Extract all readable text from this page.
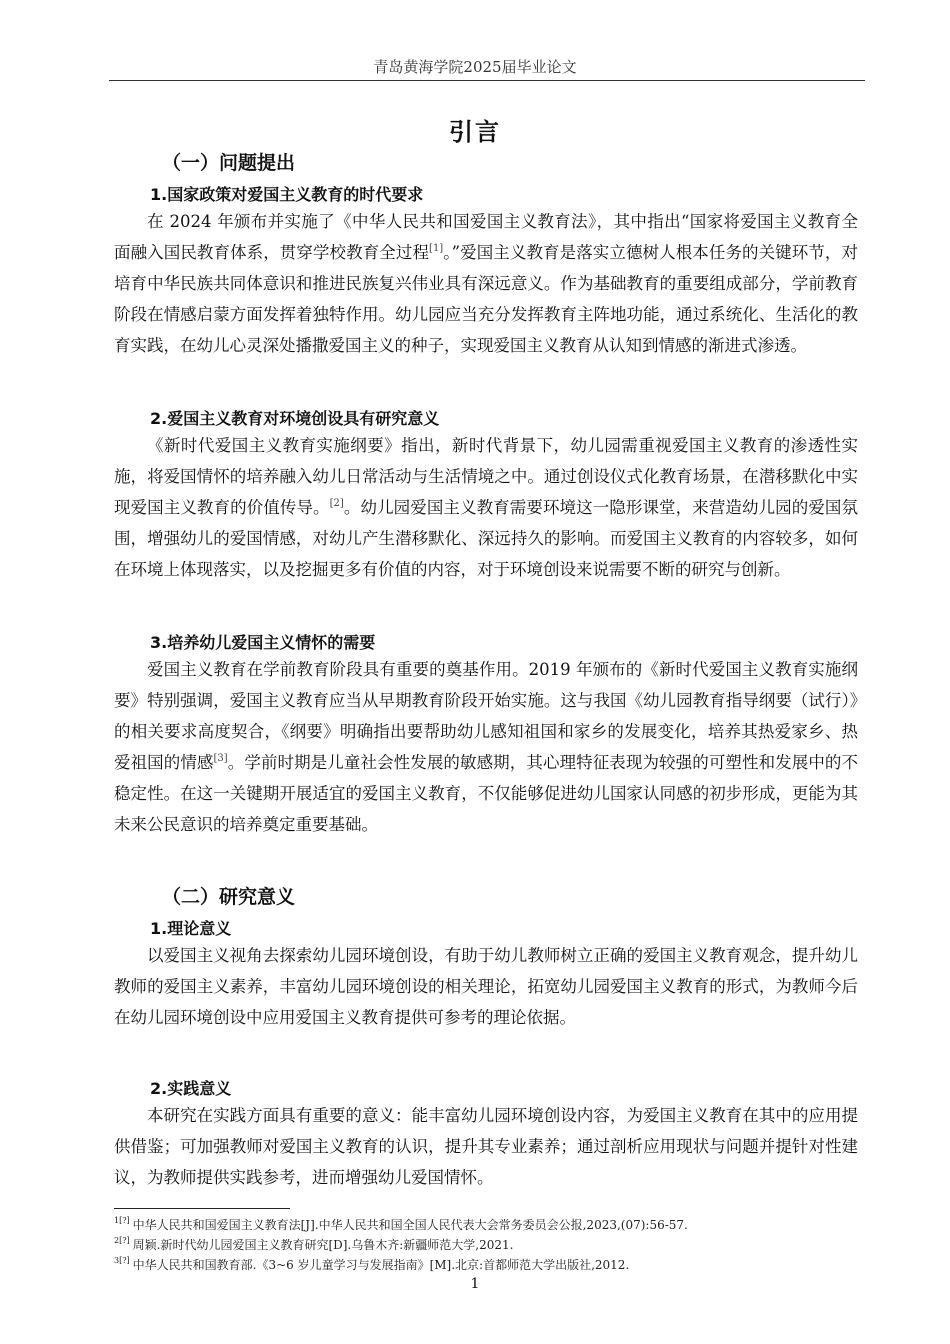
青岛黄海学院2025届毕业论文
引言
（一）问题提出
1.国家政策对爱国主义教育的时代要求

在 2024 年颁布并实施了《中华人民共和国爱国主义教育法》，其中指出“国家将爱国主义教育全面融入国民教育体系，贯穿学校教育全过程[1]。”爱国主义教育是落实立德树人根本任务的关键环节，对培育中华民族共同体意识和推进民族复兴伟业具有深远意义。作为基础教育的重要组成部分，学前教育阶段在情感启蒙方面发挥着独特作用。幼儿园应当充分发挥教育主阵地功能，通过系统化、生活化的教育实践，在幼儿心灵深处播撒爱国主义的种子，实现爱国主义教育从认知到情感的渐进式渗透。

2.爱国主义教育对环境创设具有研究意义

《新时代爱国主义教育实施纲要》指出，新时代背景下，幼儿园需重视爱国主义教育的渗透性实施，将爱国情怀的培养融入幼儿日常活动与生活情境之中。通过创设仪式化教育场景，在潜移默化中实现爱国主义教育的价值传导。[2]。幼儿园爱国主义教育需要环境这一隐形课堂，来营造幼儿园的爱国氛围，增强幼儿的爱国情感，对幼儿产生潜移默化、深远持久的影响。而爱国主义教育的内容较多，如何在环境上体现落实，以及挖掘更多有价值的内容，对于环境创设来说需要不断的研究与创新。

3.培养幼儿爱国主义情怀的需要

爱国主义教育在学前教育阶段具有重要的奠基作用。2019 年颁布的《新时代爱国主义教育实施纲要》特别强调，爱国主义教育应当从早期教育阶段开始实施。这与我国《幼儿园教育指导纲要（试行）》的相关要求高度契合，《纲要》明确指出要帮助幼儿感知祖国和家乡的发展变化，培养其热爱家乡、热爱祖国的情感[3]。学前时期是儿童社会性发展的敏感期，其心理特征表现为较强的可塑性和发展中的不稳定性。在这一关键期开展适宜的爱国主义教育，不仅能够促进幼儿国家认同感的初步形成，更能为其未来公民意识的培养奠定重要基础。

（二）研究意义
1.理论意义

以爱国主义视角去探索幼儿园环境创设，有助于幼儿教师树立正确的爱国主义教育观念，提升幼儿教师的爱国主义素养，丰富幼儿园环境创设的相关理论，拓宽幼儿园爱国主义教育的形式，为教师今后在幼儿园环境创设中应用爱国主义教育提供可参考的理论依据。

2.实践意义

本研究在实践方面具有重要的意义：能丰富幼儿园环境创设内容，为爱国主义教育在其中的应用提供借鉴；可加强教师对爱国主义教育的认识，提升其专业素养；通过剖析应用现状与问题并提针对性建议，为教师提供实践参考，进而增强幼儿爱国情怀。

$^{1[?]}$ 中华人民共和国爱国主义教育法[J].中华人民共和国全国人民代表大会常务委员会公报,2023,(07):56-57.
$^{2[?]}$ 周颖.新时代幼儿园爱国主义教育研究[D].乌鲁木齐:新疆师范大学,2021.
$^{3[?]}$ 中华人民共和国教育部.《3~6 岁儿童学习与发展指南》[M].北京:首都师范大学出版社,2012.
1
